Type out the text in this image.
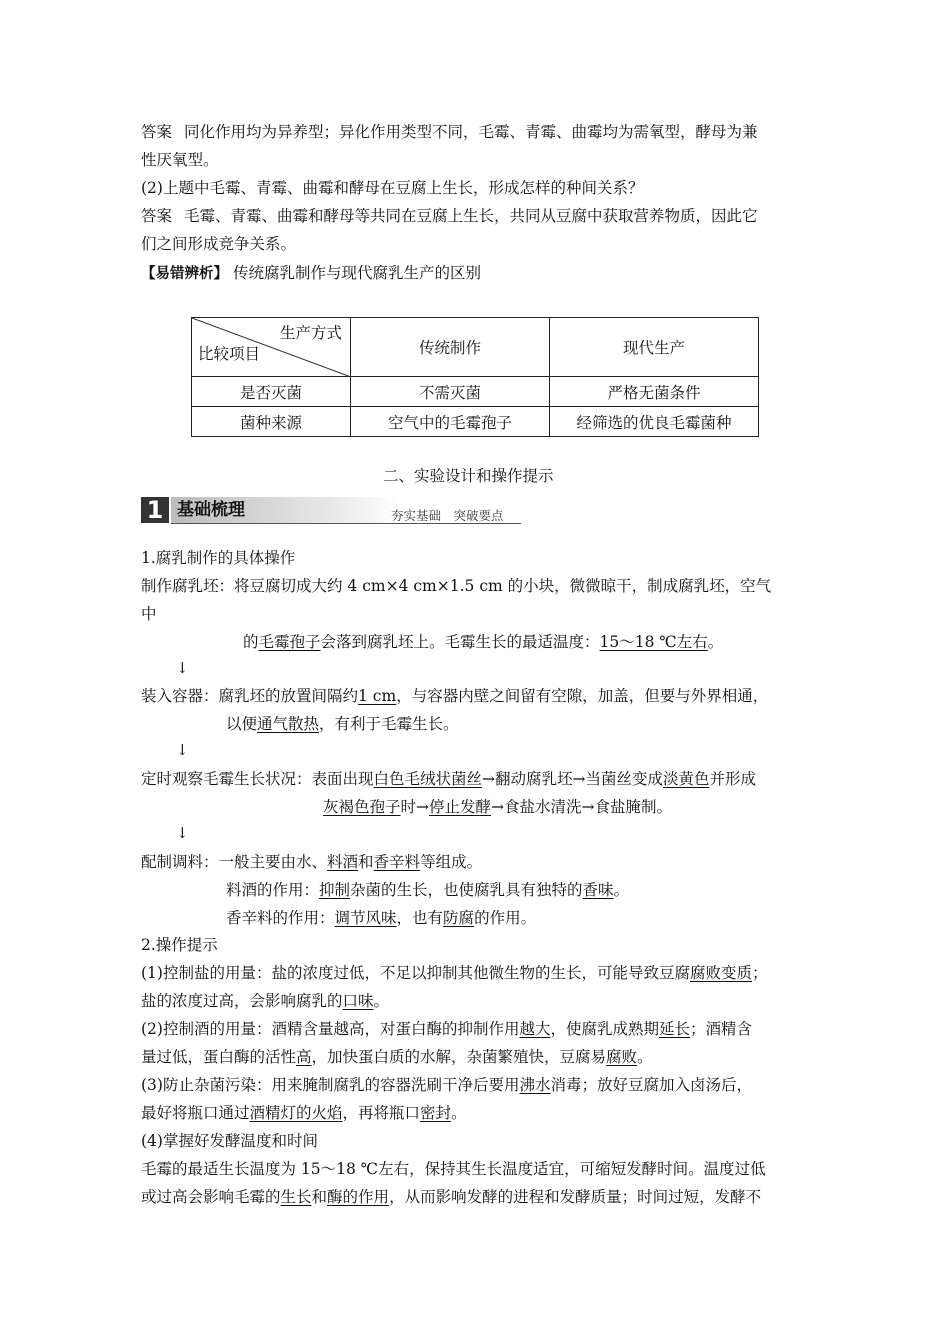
答案 同化作用均为异养型；异化作用类型不同，毛霉、青霉、曲霉均为需氧型，酵母为兼
性厌氧型。
(2)上题中毛霉、青霉、曲霉和酵母在豆腐上生长，形成怎样的种间关系？
答案 毛霉、青霉、曲霉和酵母等共同在豆腐上生长，共同从豆腐中获取营养物质，因此它
们之间形成竞争关系。
【易错辨析】 传统腐乳制作与现代腐乳生产的区别
生产方式
比较项目	传统制作	现代生产
是否灭菌	不需灭菌	严格无菌条件
菌种来源	空气中的毛霉孢子	经筛选的优良毛霉菌种
二、实验设计和操作提示
1 基础梳理	夯实基础　突破要点
1.腐乳制作的具体操作
制作腐乳坯：将豆腐切成大约 4 cm×4 cm×1.5 cm 的小块，微微晾干，制成腐乳坯，空气
中
的毛霉孢子会落到腐乳坯上。毛霉生长的最适温度：15～18 ℃左右。
↓
装入容器：腐乳坯的放置间隔约1 cm，与容器内壁之间留有空隙，加盖，但要与外界相通，
以便通气散热，有利于毛霉生长。
↓
定时观察毛霉生长状况：表面出现白色毛绒状菌丝→翻动腐乳坯→当菌丝变成淡黄色并形成
灰褐色孢子时→停止发酵→食盐水清洗→食盐腌制。
↓
配制调料：一般主要由水、料酒和香辛料等组成。
料酒的作用：抑制杂菌的生长，也使腐乳具有独特的香味。
香辛料的作用：调节风味，也有防腐的作用。
2.操作提示
(1)控制盐的用量：盐的浓度过低，不足以抑制其他微生物的生长，可能导致豆腐腐败变质；
盐的浓度过高，会影响腐乳的口味。
(2)控制酒的用量：酒精含量越高，对蛋白酶的抑制作用越大，使腐乳成熟期延长；酒精含
量过低，蛋白酶的活性高，加快蛋白质的水解，杂菌繁殖快，豆腐易腐败。
(3)防止杂菌污染：用来腌制腐乳的容器洗刷干净后要用沸水消毒；放好豆腐加入卤汤后，
最好将瓶口通过酒精灯的火焰，再将瓶口密封。
(4)掌握好发酵温度和时间
毛霉的最适生长温度为 15～18 ℃左右，保持其生长温度适宜，可缩短发酵时间。温度过低
或过高会影响毛霉的生长和酶的作用，从而影响发酵的进程和发酵质量；时间过短，发酵不
